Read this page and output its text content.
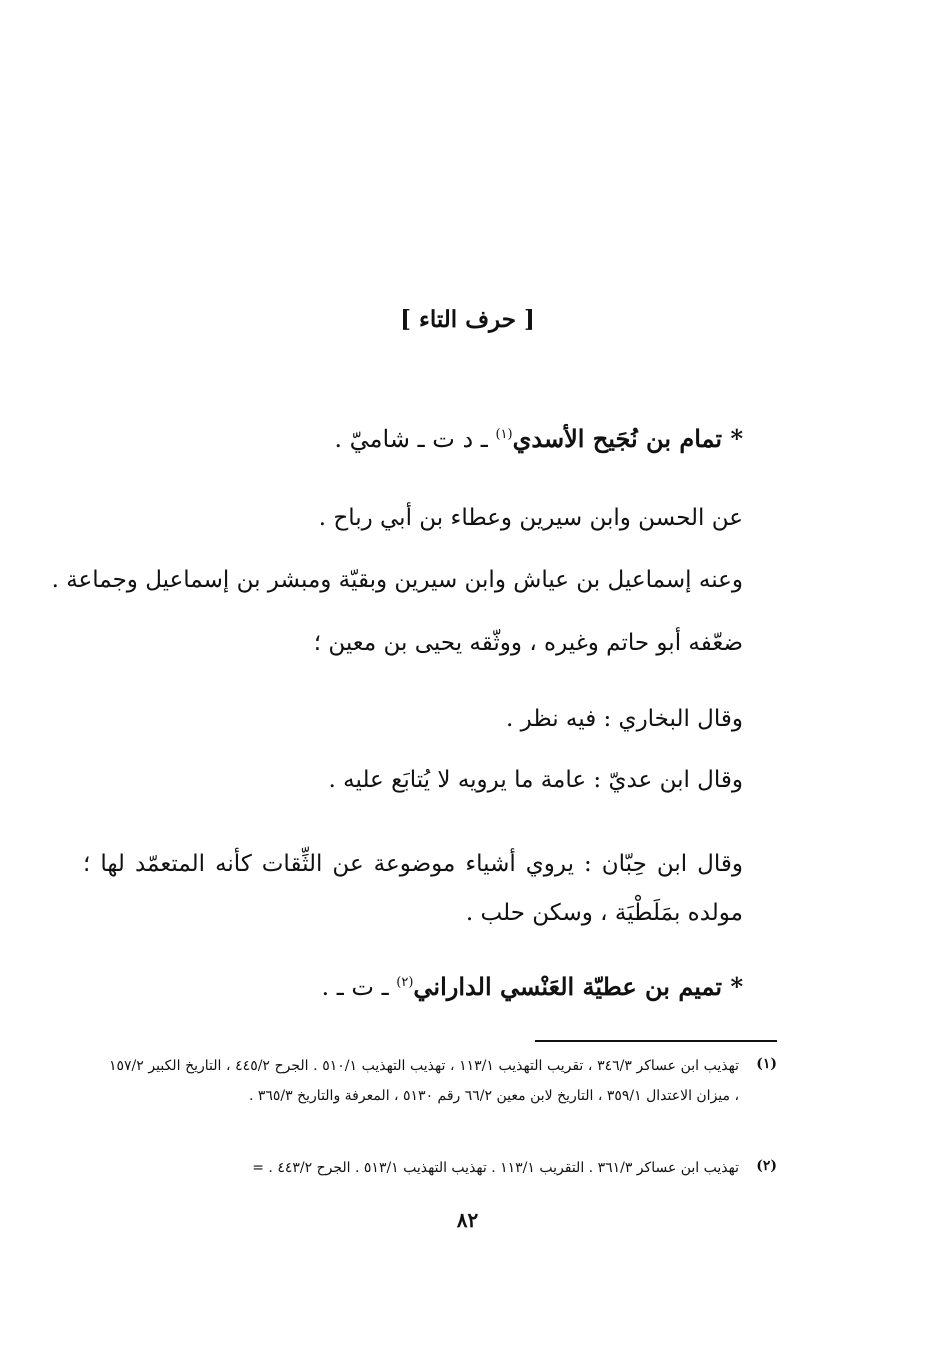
[ حرف التاء ]
* تمام بن نُجَيح الأسدي$^{(١)}$ ـ د ت ـ شاميّ .
عن الحسن وابن سيرين وعطاء بن أبي رباح .
وعنه إسماعيل بن عياش وابن سيرين وبقيّة ومبشر بن إسماعيل وجماعة .
ضعّفه أبو حاتم وغيره ، ووثّقه يحيى بن معين ؛
وقال البخاري : فيه نظر .
وقال ابن عديّ : عامة ما يرويه لا يُتابَع عليه .
وقال ابن حِبّان : يروي أشياء موضوعة عن الثِّقات كأنه المتعمّد لها ؛ مولده بمَلَطْيَة ، وسكن حلب .
* تميم بن عطيّة العَنْسي الداراني$^{(٢)}$ ـ ت ـ .
(١)
تهذيب ابن عساكر ٣٤٦/٣ ، تقريب التهذيب ١١٣/١ ، تهذيب التهذيب ٥١٠/١ . الجرح ٤٤٥/٢ ، التاريخ الكبير ١٥٧/٢ ، ميزان الاعتدال ٣٥٩/١ ، التاريخ لابن معين ٦٦/٢ رقم ٥١٣٠ ، المعرفة والتاريخ ٣٦٥/٣ .
(٢)
تهذيب ابن عساكر ٣٦١/٣ . التقريب ١١٣/١ . تهذيب التهذيب ٥١٣/١ . الجرح ٤٤٣/٢ . =
٨٢
